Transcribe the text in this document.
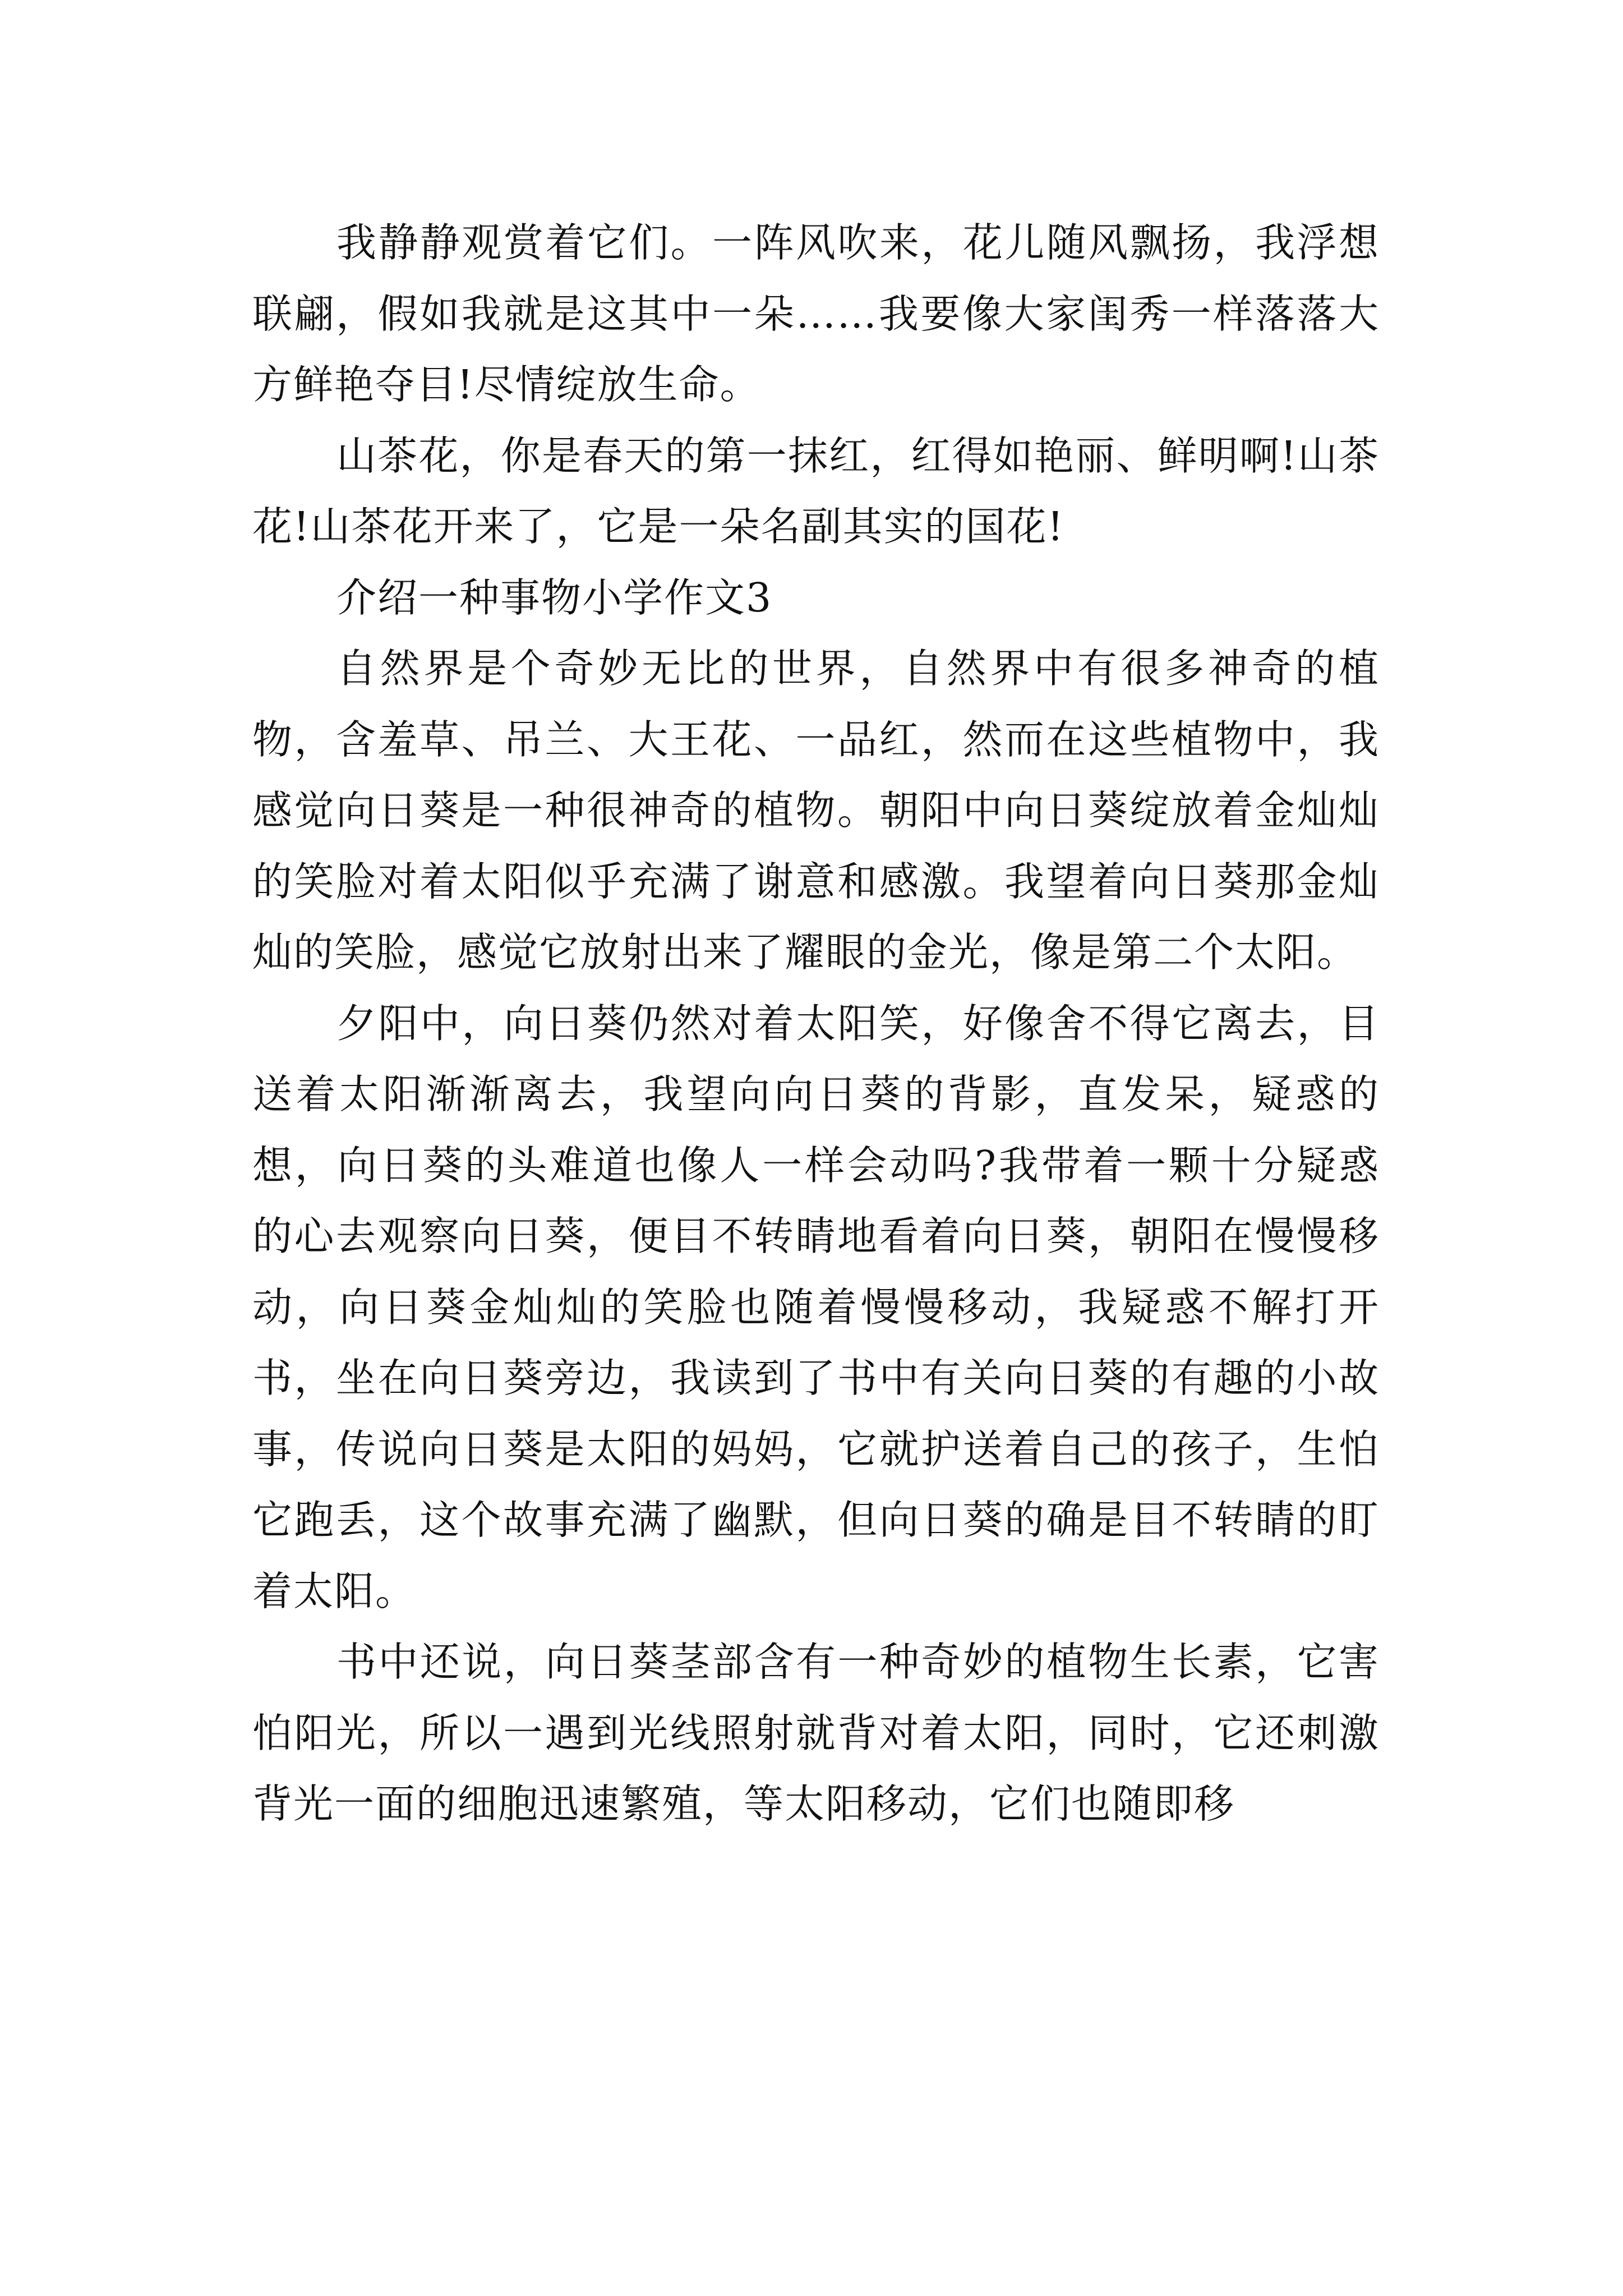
我静静观赏着它们。一阵风吹来，花儿随风飘扬，我浮想联翩，假如我就是这其中一朵……我要像大家闺秀一样落落大方鲜艳夺目!尽情绽放生命。

山茶花，你是春天的第一抹红，红得如艳丽、鲜明啊!山茶花!山茶花开来了，它是一朵名副其实的国花!

介绍一种事物小学作文3

自然界是个奇妙无比的世界，自然界中有很多神奇的植物，含羞草、吊兰、大王花、一品红，然而在这些植物中，我感觉向日葵是一种很神奇的植物。朝阳中向日葵绽放着金灿灿的笑脸对着太阳似乎充满了谢意和感激。我望着向日葵那金灿灿的笑脸，感觉它放射出来了耀眼的金光，像是第二个太阳。

夕阳中，向日葵仍然对着太阳笑，好像舍不得它离去，目送着太阳渐渐离去，我望向向日葵的背影，直发呆，疑惑的想，向日葵的头难道也像人一样会动吗?我带着一颗十分疑惑的心去观察向日葵，便目不转睛地看着向日葵，朝阳在慢慢移动，向日葵金灿灿的笑脸也随着慢慢移动，我疑惑不解打开书，坐在向日葵旁边，我读到了书中有关向日葵的有趣的小故事，传说向日葵是太阳的妈妈，它就护送着自己的孩子，生怕它跑丢，这个故事充满了幽默，但向日葵的确是目不转睛的盯着太阳。

书中还说，向日葵茎部含有一种奇妙的植物生长素，它害怕阳光，所以一遇到光线照射就背对着太阳，同时，它还刺激背光一面的细胞迅速繁殖，等太阳移动，它们也随即移
